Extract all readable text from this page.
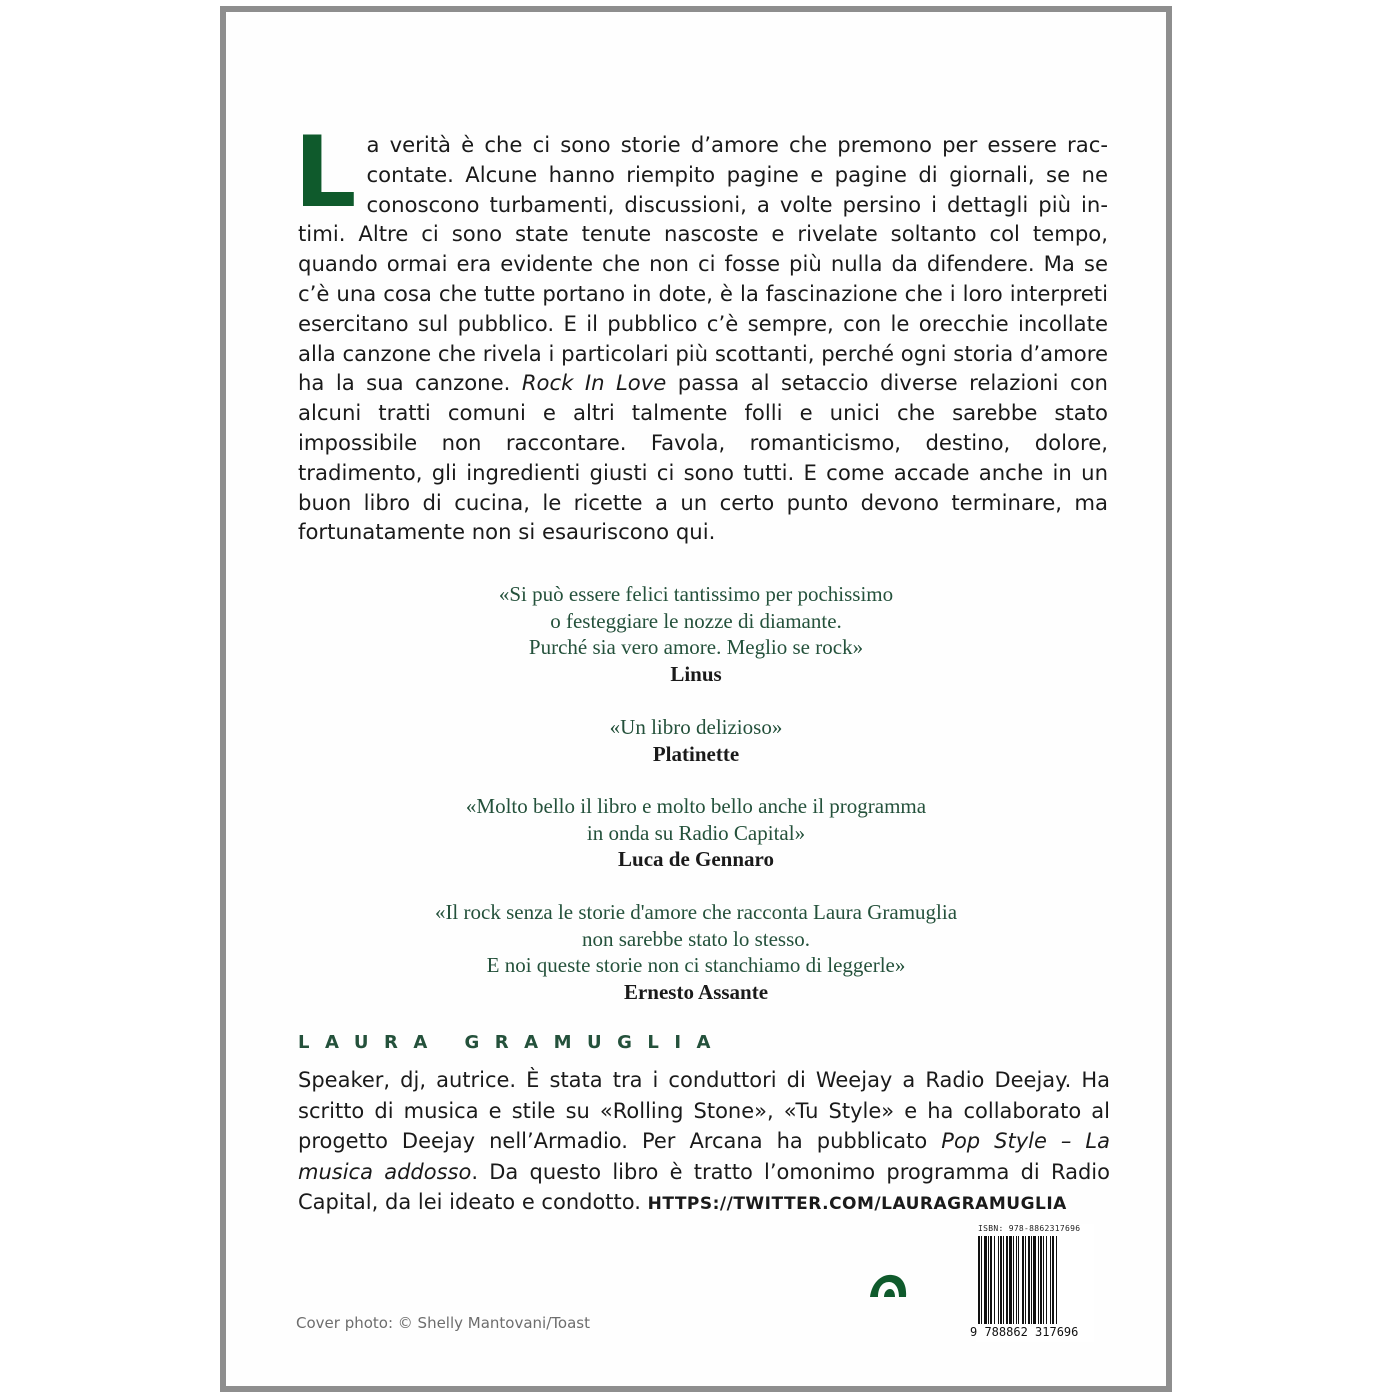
La verità è che ci sono storie d’amore che premono per essere raccontate. Alcune hanno riempito pagine e pagine di giornali, se ne conoscono turbamenti, discussioni, a volte persino i dettagli più intimi. Altre ci sono state tenute nascoste e rivelate soltanto col tempo, quando ormai era evidente che non ci fosse più nulla da difendere. Ma se c’è una cosa che tutte portano in dote, è la fascinazione che i loro interpreti esercitano sul pubblico. E il pubblico c’è sempre, con le orecchie incollate alla canzone che rivela i particolari più scottanti, perché ogni storia d’amore ha la sua canzone. Rock In Love passa al setaccio diverse relazioni con alcuni tratti comuni e altri talmente folli e unici che sarebbe stato impossibile non raccontare. Favola, romanticismo, destino, dolore, tradimento, gli ingredienti giusti ci sono tutti. E come accade anche in un buon libro di cucina, le ricette a un certo punto devono terminare, ma fortunatamente non si esauriscono qui.
«Si può essere felici tantissimo per pochissimo
o festeggiare le nozze di diamante.
Purché sia vero amore. Meglio se rock»
Linus
«Un libro delizioso»
Platinette
«Molto bello il libro e molto bello anche il programma
in onda su Radio Capital»
Luca de Gennaro
«Il rock senza le storie d'amore che racconta Laura Gramuglia
non sarebbe stato lo stesso.
E noi queste storie non ci stanchiamo di leggerle»
Ernesto Assante
LAURA GRAMUGLIA
Speaker, dj, autrice. È stata tra i conduttori di Weejay a Radio Deejay. Ha scritto di musica e stile su «Rolling Stone», «Tu Style» e ha collaborato al progetto Deejay nell’Armadio. Per Arcana ha pubblicato Pop Style – La musica addosso. Da questo libro è tratto l’omonimo programma di Radio Capital, da lei ideato e condotto. HTTPS://TWITTER.COM/LAURAGRAMUGLIA
ISBN: 978-8862317696
9 788862 317696
Cover photo: © Shelly Mantovani/Toast
